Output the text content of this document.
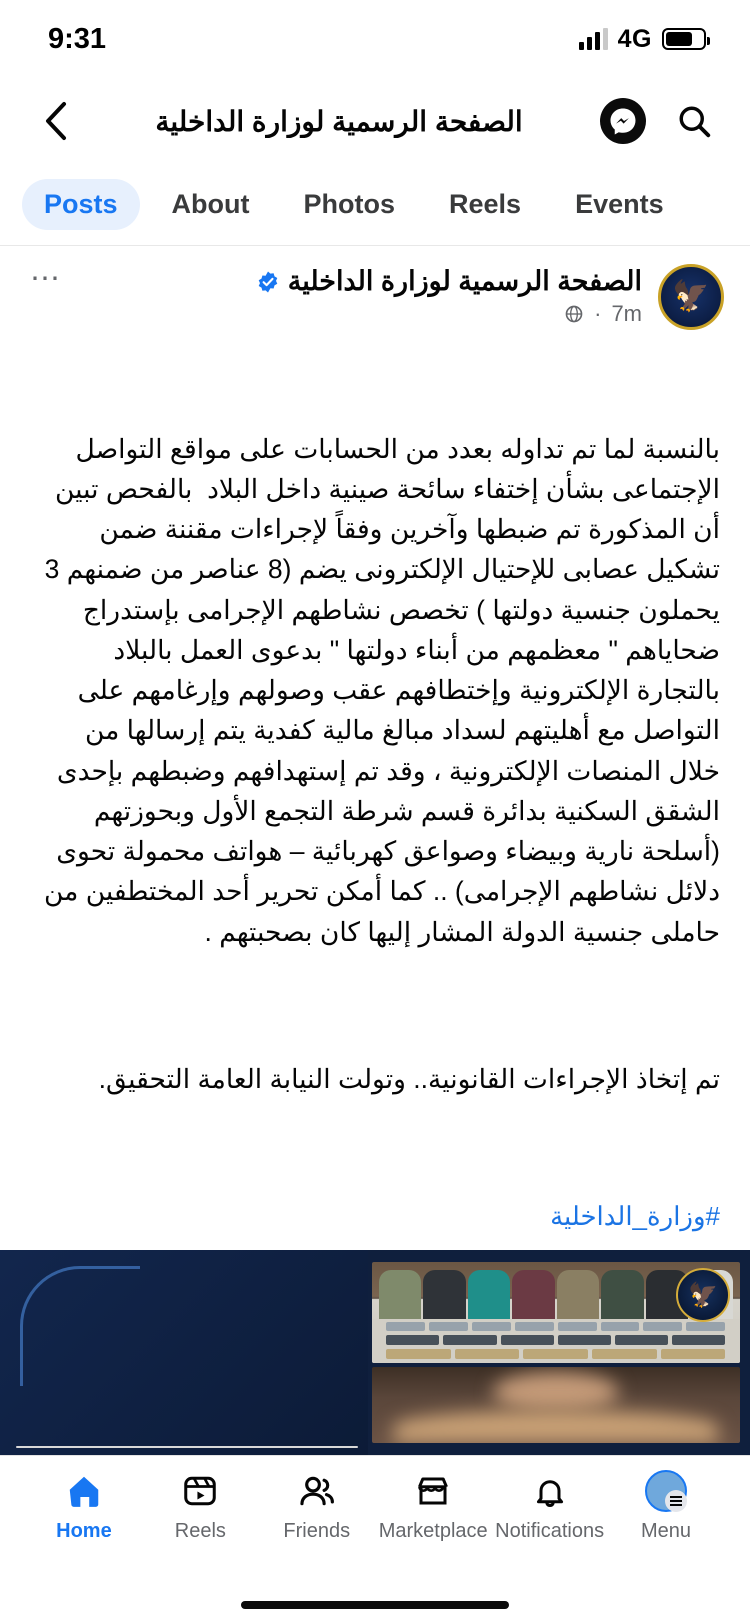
9:31	4G
الصفحة الرسمية لوزارة الداخلية
Posts	About	Photos	Reels	Events
🦅
الصفحة الرسمية لوزارة الداخلية
7m
·
⋯

بالنسبة لما تم تداوله بعدد من الحسابات على مواقع التواصل الإجتماعى بشأن إختفاء سائحة صينية داخل البلاد  بالفحص تبين أن المذكورة تم ضبطها وآخرين وفقاً لإجراءات مقننة ضمن تشكيل عصابى للإحتيال الإلكترونى يضم (8 عناصر من ضمنهم 3 يحملون جنسية دولتها ) تخصص نشاطهم الإجرامى بإستدراج ضحاياهم " معظمهم من أبناء دولتها " بدعوى العمل بالبلاد بالتجارة الإلكترونية وإختطافهم عقب وصولهم وإرغامهم على التواصل مع أهليتهم لسداد مبالغ مالية كفدية يتم إرسالها من خلال المنصات الإلكترونية ، وقد تم إستهدافهم وضبطهم بإحدى الشقق السكنية بدائرة قسم شرطة التجمع الأول وبحوزتهم (أسلحة نارية وبيضاء وصواعق كهربائية – هواتف محمولة تحوى دلائل نشاطهم الإجرامى) .. كما أمكن تحرير أحد المختطفين من حاملى جنسية الدولة المشار إليها كان بصحبتهم .

تم إتخاذ الإجراءات القانونية.. وتولت النيابة العامة التحقيق.

#وزارة_الداخلية
🦅

Home	Reels	Friends Marketplace Notifications Menu
